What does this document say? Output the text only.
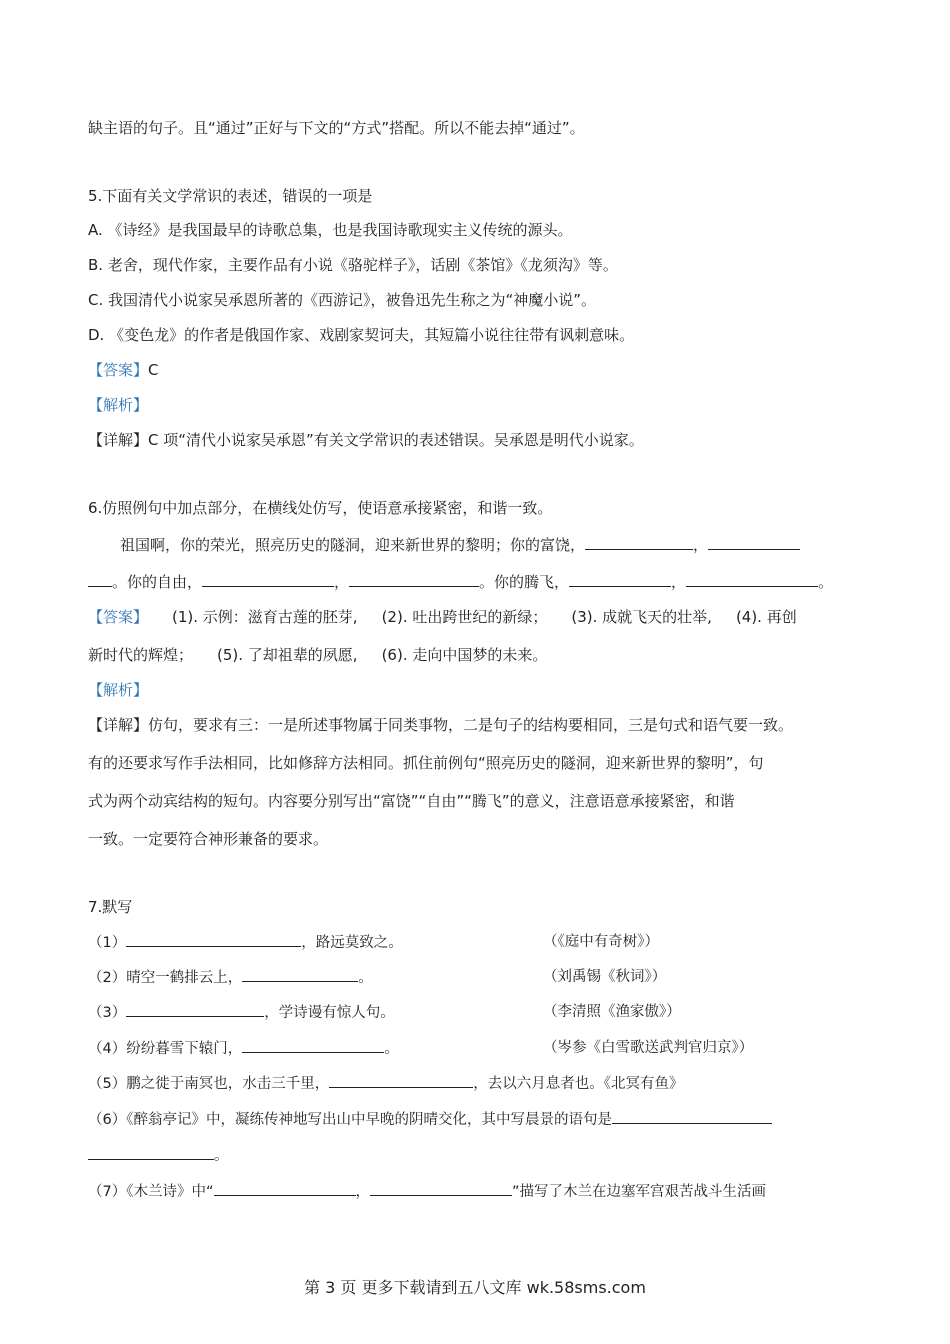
缺主语的句子。且“通过”正好与下文的“方式”搭配。所以不能去掉“通过”。
5.下面有关文学常识的表述，错误的一项是
A. 《诗经》是我国最早的诗歌总集，也是我国诗歌现实主义传统的源头。
B. 老舍，现代作家，主要作品有小说《骆驼样子》，话剧《茶馆》《龙须沟》等。
C. 我国清代小说家吴承恩所著的《西游记》，被鲁迅先生称之为“神魔小说”。
D. 《变色龙》的作者是俄国作家、戏剧家契诃夫，其短篇小说往往带有讽刺意味。
【答案】C
【解析】
【详解】C 项“清代小说家吴承恩”有关文学常识的表述错误。吴承恩是明代小说家。
6.仿照例句中加点部分，在横线处仿写，使语意承接紧密，和谐一致。
祖国啊，你的荣光，照亮历史的隧洞，迎来新世界的黎明；你的富饶，	，
。你的自由，	，	。你的腾飞，	，	。
【答案】 (1). 示例：滋育古莲的胚芽, (2). 吐出跨世纪的新绿； (3). 成就飞天的壮举, (4). 再创
新时代的辉煌； (5). 了却祖辈的夙愿, (6). 走向中国梦的未来。
【解析】
【详解】仿句，要求有三：一是所述事物属于同类事物，二是句子的结构要相同，三是句式和语气要一致。
有的还要求写作手法相同，比如修辞方法相同。抓住前例句“照亮历史的隧洞，迎来新世界的黎明”，句
式为两个动宾结构的短句。内容要分别写出“富饶”“自由”“腾飞”的意义，注意语意承接紧密，和谐
一致。一定要符合神形兼备的要求。
7.默写
（1）	，路远莫致之。	（《庭中有奇树》）
（2）晴空一鹤排云上，	。	（刘禹锡《秋词》）
（3）	，学诗谩有惊人句。	（李清照《渔家傲》）
（4）纷纷暮雪下辕门，	。	（岑参《白雪歌送武判官归京》）
（5）鹏之徙于南冥也，水击三千里，	，去以六月息者也。《北冥有鱼》
（6）《醉翁亭记》中，凝练传神地写出山中早晚的阴晴交化，其中写晨景的语句是
。
（7）《木兰诗》中“	，	”描写了木兰在边塞军宫艰苦战斗生活画
第 3 页 更多下载请到五八文库 wk.58sms.com
